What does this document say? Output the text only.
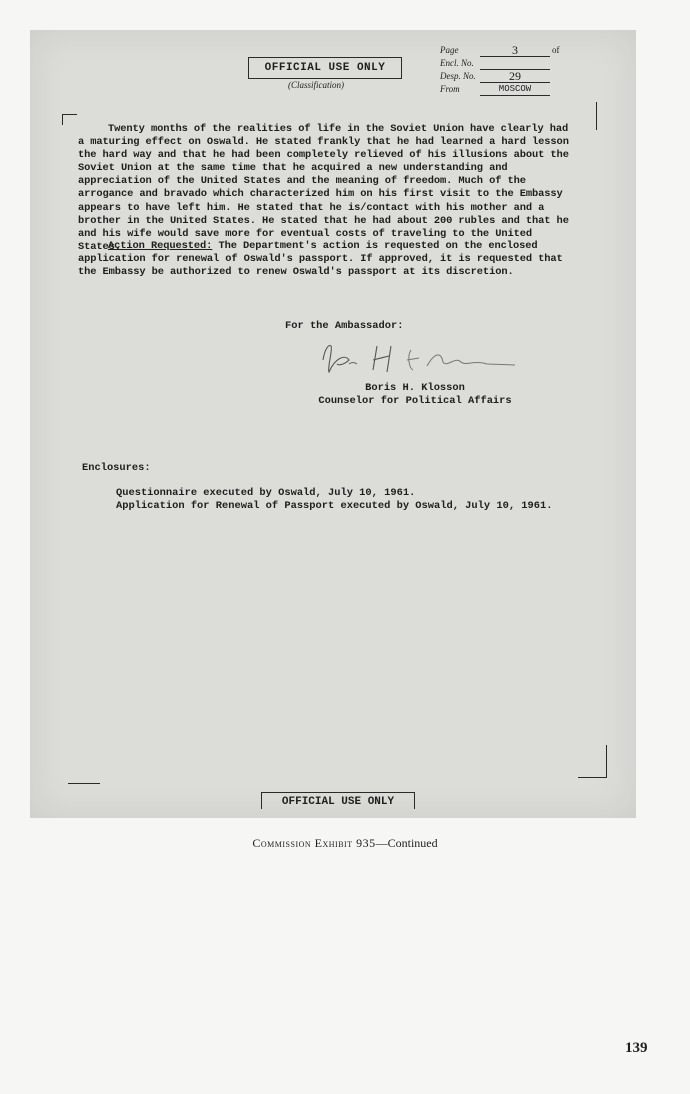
OFFICIAL USE ONLY
(Classification)
Page	3	of
Encl. No.
Desp. No.	29
From	MOSCOW
Twenty months of the realities of life in the Soviet Union have clearly had a maturing effect on Oswald. He stated frankly that he had learned a hard lesson the hard way and that he had been completely relieved of his illusions about the Soviet Union at the same time that he acquired a new understanding and appreciation of the United States and the meaning of freedom. Much of the arrogance and bravado which characterized him on his first visit to the Embassy appears to have left him. He stated that he is/contact with his mother and a brother in the United States. He stated that he had about 200 rubles and that he and his wife would save more for eventual costs of traveling to the United States.
Action Requested: The Department's action is requested on the enclosed application for renewal of Oswald's passport. If approved, it is requested that the Embassy be authorized to renew Oswald's passport at its discretion.
For the Ambassador:
Boris H. Klosson
Counselor for Political Affairs
Enclosures:
Questionnaire executed by Oswald, July 10, 1961.
Application for Renewal of Passport executed by Oswald, July 10, 1961.
OFFICIAL USE ONLY
Commission Exhibit 935—Continued
139
